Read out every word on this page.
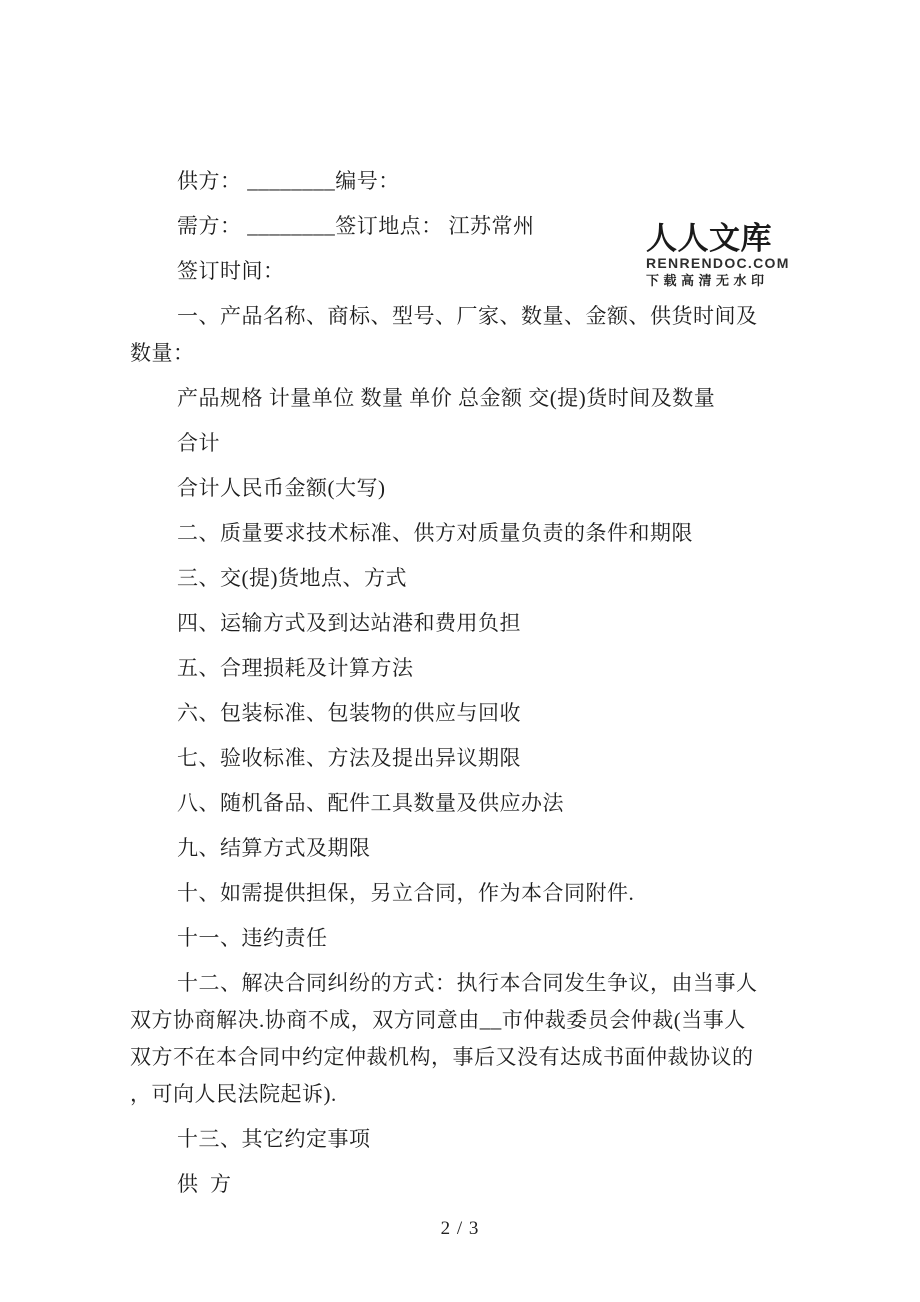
人人文库
RENRENDOC.COM
下载高清无水印

供方： ________编号：

需方： ________签订地点： 江苏常州

签订时间：

一、产品名称、商标、型号、厂家、数量、金额、供货时间及
数量：

产品规格 计量单位 数量 单价 总金额 交(提)货时间及数量

合计

合计人民币金额(大写)

二、质量要求技术标准、供方对质量负责的条件和期限

三、交(提)货地点、方式

四、运输方式及到达站港和费用负担

五、合理损耗及计算方法

六、包装标准、包装物的供应与回收

七、验收标准、方法及提出异议期限

八、随机备品、配件工具数量及供应办法

九、结算方式及期限

十、如需提供担保，另立合同，作为本合同附件.

十一、违约责任

十二、解决合同纠纷的方式：执行本合同发生争议，由当事人
双方协商解决.协商不成，双方同意由__市仲裁委员会仲裁(当事人
双方不在本合同中约定仲裁机构，事后又没有达成书面仲裁协议的
，可向人民法院起诉).

十三、其它约定事项

供  方

2 / 3
